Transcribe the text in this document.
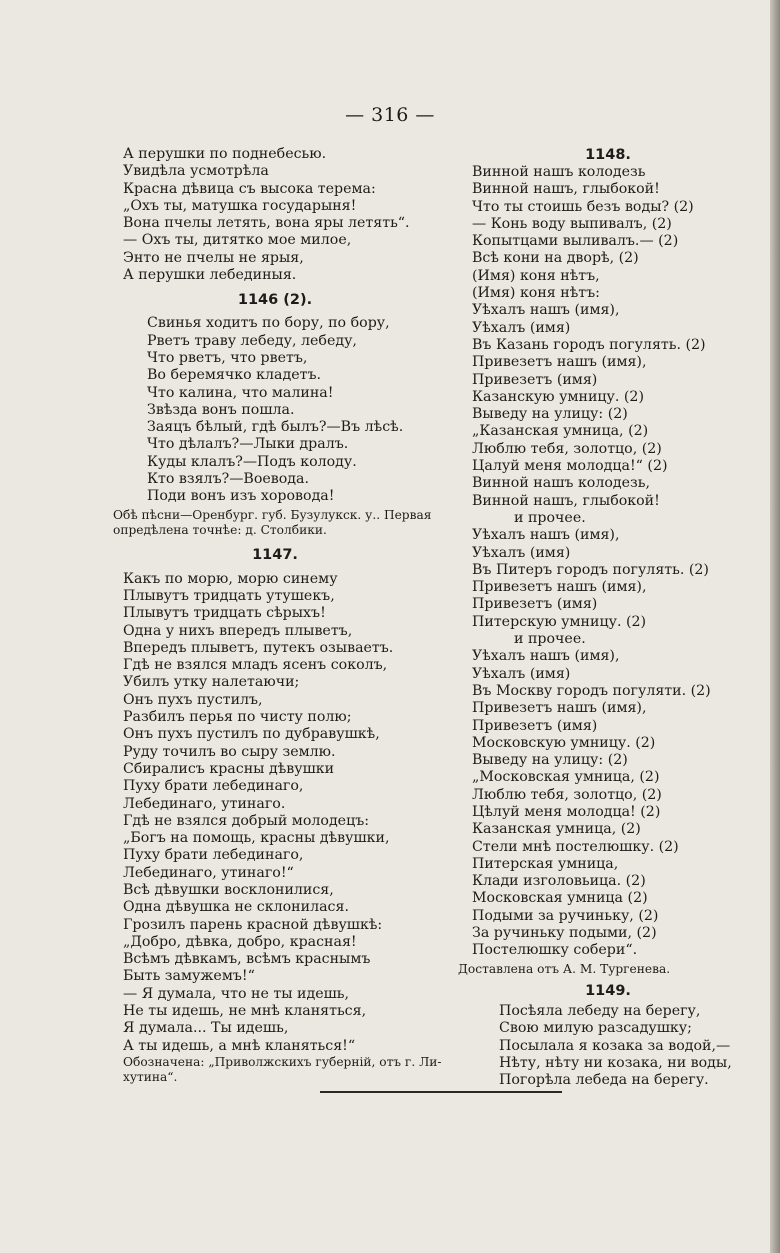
— 316 —
А перушки по поднебесью.
Увидѣла усмотрѣла
Красна дѣвица съ высока терема:
„Охъ ты, матушка государыня!
Вона пчелы летять, вона яры летять“.
— Охъ ты, дитятко мое милое,
Энто не пчелы не ярыя,
А перушки лебединыя.
1146 (2).
Свинья ходитъ по бору, по бору,
Рветъ траву лебеду, лебеду,
Что рветъ, что рветъ,
Во беремячко кладетъ.
Что калина, что малина!
Звѣзда вонъ пошла.
Заяцъ бѣлый, гдѣ былъ?—Въ лѣсѣ.
Что дѣлалъ?—Лыки дралъ.
Куды клалъ?—Подъ колоду.
Кто взялъ?—Воевода.
Поди вонъ изъ хоровода!
Обѣ пѣсни—Оренбург. губ. Бузулукск. у.. Первая
опредѣлена точнѣе: д. Столбики.
1147.
Какъ по морю, морю синему
Плывутъ тридцать утушекъ,
Плывутъ тридцать сѣрыхъ!
Одна у нихъ впередъ плыветъ,
Впередъ плыветъ, путекъ озываетъ.
Гдѣ не взялся младъ ясенъ соколъ,
Убилъ утку налетаючи;
Онъ пухъ пустилъ,
Разбилъ перья по чисту полю;
Онъ пухъ пустилъ по дубравушкѣ,
Руду точилъ во сыру землю.
Сбиралисъ красны дѣвушки
Пуху брати лебединаго,
Лебединаго, утинаго.
Гдѣ не взялся добрый молодецъ:
„Богъ на помощь, красны дѣвушки,
Пуху брати лебединаго,
Лебединаго, утинаго!“
Всѣ дѣвушки восклонилися,
Одна дѣвушка не склонилася.
Грозилъ парень красной дѣвушкѣ:
„Добро, дѣвка, добро, красная!
Всѣмъ дѣвкамъ, всѣмъ краснымъ
Быть замужемъ!“
— Я думала, что не ты идешь,
Не ты идешь, не мнѣ кланяться,
Я думала... Ты идешь,
А ты идешь, а мнѣ кланяться!“
Обозначена: „Приволжскихъ губерній, отъ г. Ли-
хутина“.
1148.
Винной нашъ колодезь
Винной нашъ, глыбокой!
Что ты стоишь безъ воды? (2)
— Конь воду выпивалъ, (2)
Копытцами выливалъ.— (2)
Всѣ кони на дворѣ, (2)
(Имя) коня нѣтъ,
(Имя) коня нѣтъ:
Уѣхалъ нашъ (имя),
Уѣхалъ (имя)
Въ Казань городъ погулять. (2)
Привезетъ нашъ (имя),
Привезетъ (имя)
Казанскую умницу. (2)
Выведу на улицу: (2)
„Казанская умница, (2)
Люблю тебя, золотцо, (2)
Цалуй меня молодца!“ (2)
Винной нашъ колодезь,
Винной нашъ, глыбокой!
и прочее.
Уѣхалъ нашъ (имя),
Уѣхалъ (имя)
Въ Питеръ городъ погулять. (2)
Привезетъ нашъ (имя),
Привезетъ (имя)
Питерскую умницу. (2)
и прочее.
Уѣхалъ нашъ (имя),
Уѣхалъ (имя)
Въ Москву городъ погуляти. (2)
Привезетъ нашъ (имя),
Привезетъ (имя)
Московскую умницу. (2)
Выведу на улицу: (2)
„Московская умница, (2)
Люблю тебя, золотцо, (2)
Цѣлуй меня молодца! (2)
Казанская умница, (2)
Стели мнѣ постелюшку. (2)
Питерская умница,
Клади изголовьица. (2)
Московская умница (2)
Подыми за ручиньку, (2)
За ручиньку подыми, (2)
Постелюшку собери“.
Доставлена отъ А. М. Тургенева.
1149.
Посѣяла лебеду на берегу,
Свою милую разсадушку;
Посылала я козака за водой,—
Нѣту, нѣту ни козака, ни воды,
Погорѣла лебеда на берегу.
